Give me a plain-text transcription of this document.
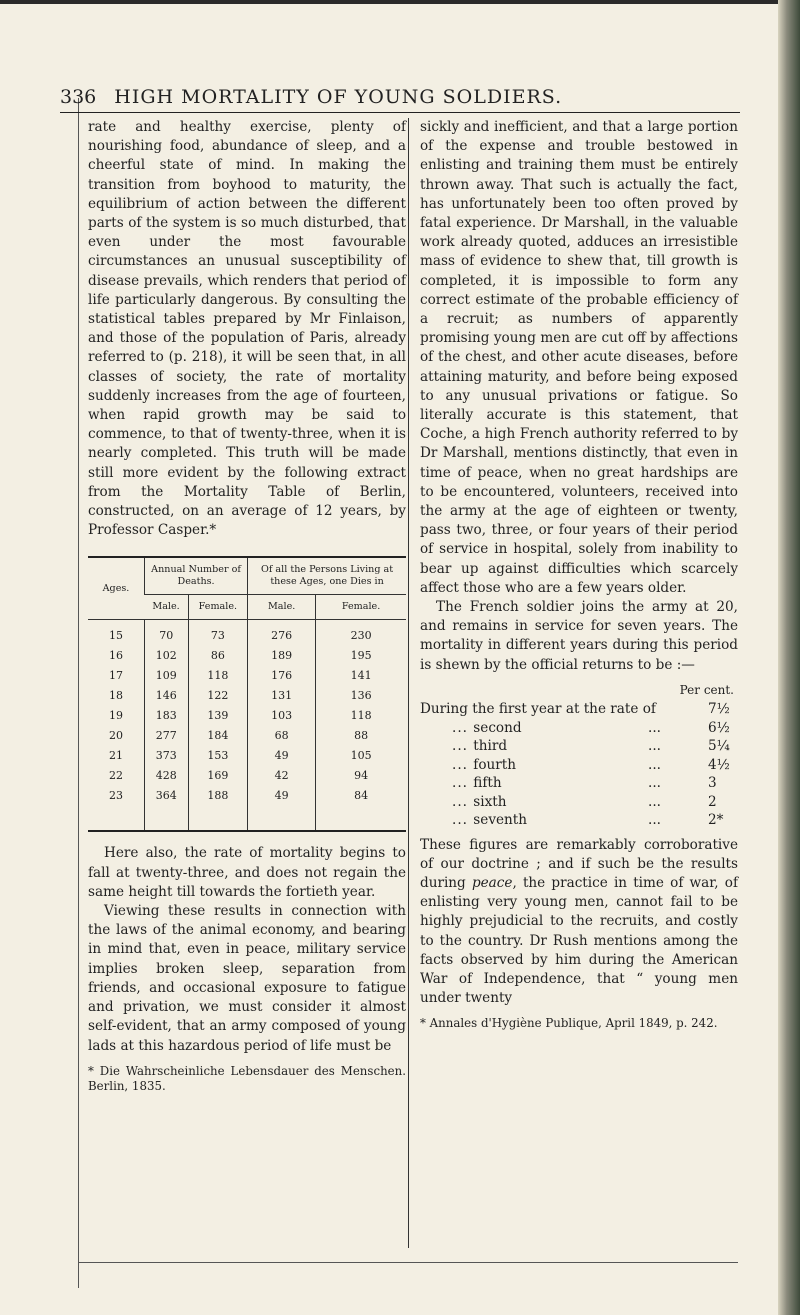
336 HIGH MORTALITY OF YOUNG SOLDIERS.

rate and healthy exercise, plenty of nourishing food, abundance of sleep, and a cheerful state of mind. In making the transition from boyhood to maturity, the equilibrium of action between the different parts of the system is so much disturbed, that even under the most favourable circumstances an unusual susceptibility of disease prevails, which renders that period of life particularly dangerous. By consulting the statistical tables prepared by Mr Finlaison, and those of the population of Paris, already referred to (p. 218), it will be seen that, in all classes of society, the rate of mortality suddenly increases from the age of fourteen, when rapid growth may be said to commence, to that of twenty-three, when it is nearly completed. This truth will be made still more evident by the following extract from the Mortality Table of Berlin, constructed, on an average of 12 years, by Professor Casper.*

Ages.	Annual Number of Deaths.		Of all the Persons Living at these Ages, one Dies in	
	Male.	Female.	Male.	Female.
15	70	73	276	230
16	102	86	189	195
17	109	118	176	141
18	146	122	131	136
19	183	139	103	118
20	277	184	68	88
21	373	153	49	105
22	428	169	42	94
23	364	188	49	84

Here also, the rate of mortality begins to fall at twenty-three, and does not regain the same height till towards the fortieth year.

Viewing these results in connection with the laws of the animal economy, and bearing in mind that, even in peace, military service implies broken sleep, separation from friends, and occasional exposure to fatigue and privation, we must consider it almost self-evident, that an army composed of young lads at this hazardous period of life must be

* Die Wahrscheinliche Lebensdauer des Menschen. Berlin, 1835.

sickly and inefficient, and that a large portion of the expense and trouble bestowed in enlisting and training them must be entirely thrown away. That such is actually the fact, has unfortunately been too often proved by fatal experience. Dr Marshall, in the valuable work already quoted, adduces an irresistible mass of evidence to shew that, till growth is completed, it is impossible to form any correct estimate of the probable efficiency of a recruit; as numbers of apparently promising young men are cut off by affections of the chest, and other acute diseases, before attaining maturity, and before being exposed to any unusual privations or fatigue. So literally accurate is this statement, that Coche, a high French authority referred to by Dr Marshall, mentions distinctly, that even in time of peace, when no great hardships are to be encountered, volunteers, received into the army at the age of eighteen or twenty, pass two, three, or four years of their period of service in hospital, solely from inability to bear up against difficulties which scarcely affect those who are a few years older.

The French soldier joins the army at 20, and remains in service for seven years. The mortality in different years during this period is shewn by the official returns to be :—

Per cent.
During the first year at the rate of	7½
... second	...	6½
... third	...	5¼
... fourth	...	4½
... fifth	...	3
... sixth	...	2
... seventh	...	2*

These figures are remarkably corroborative of our doctrine ; and if such be the results during peace, the practice in time of war, of enlisting very young men, cannot fail to be highly prejudicial to the recruits, and costly to the country. Dr Rush mentions among the facts observed by him during the American War of Independence, that “ young men under twenty

* Annales d'Hygiène Publique, April 1849, p. 242.
